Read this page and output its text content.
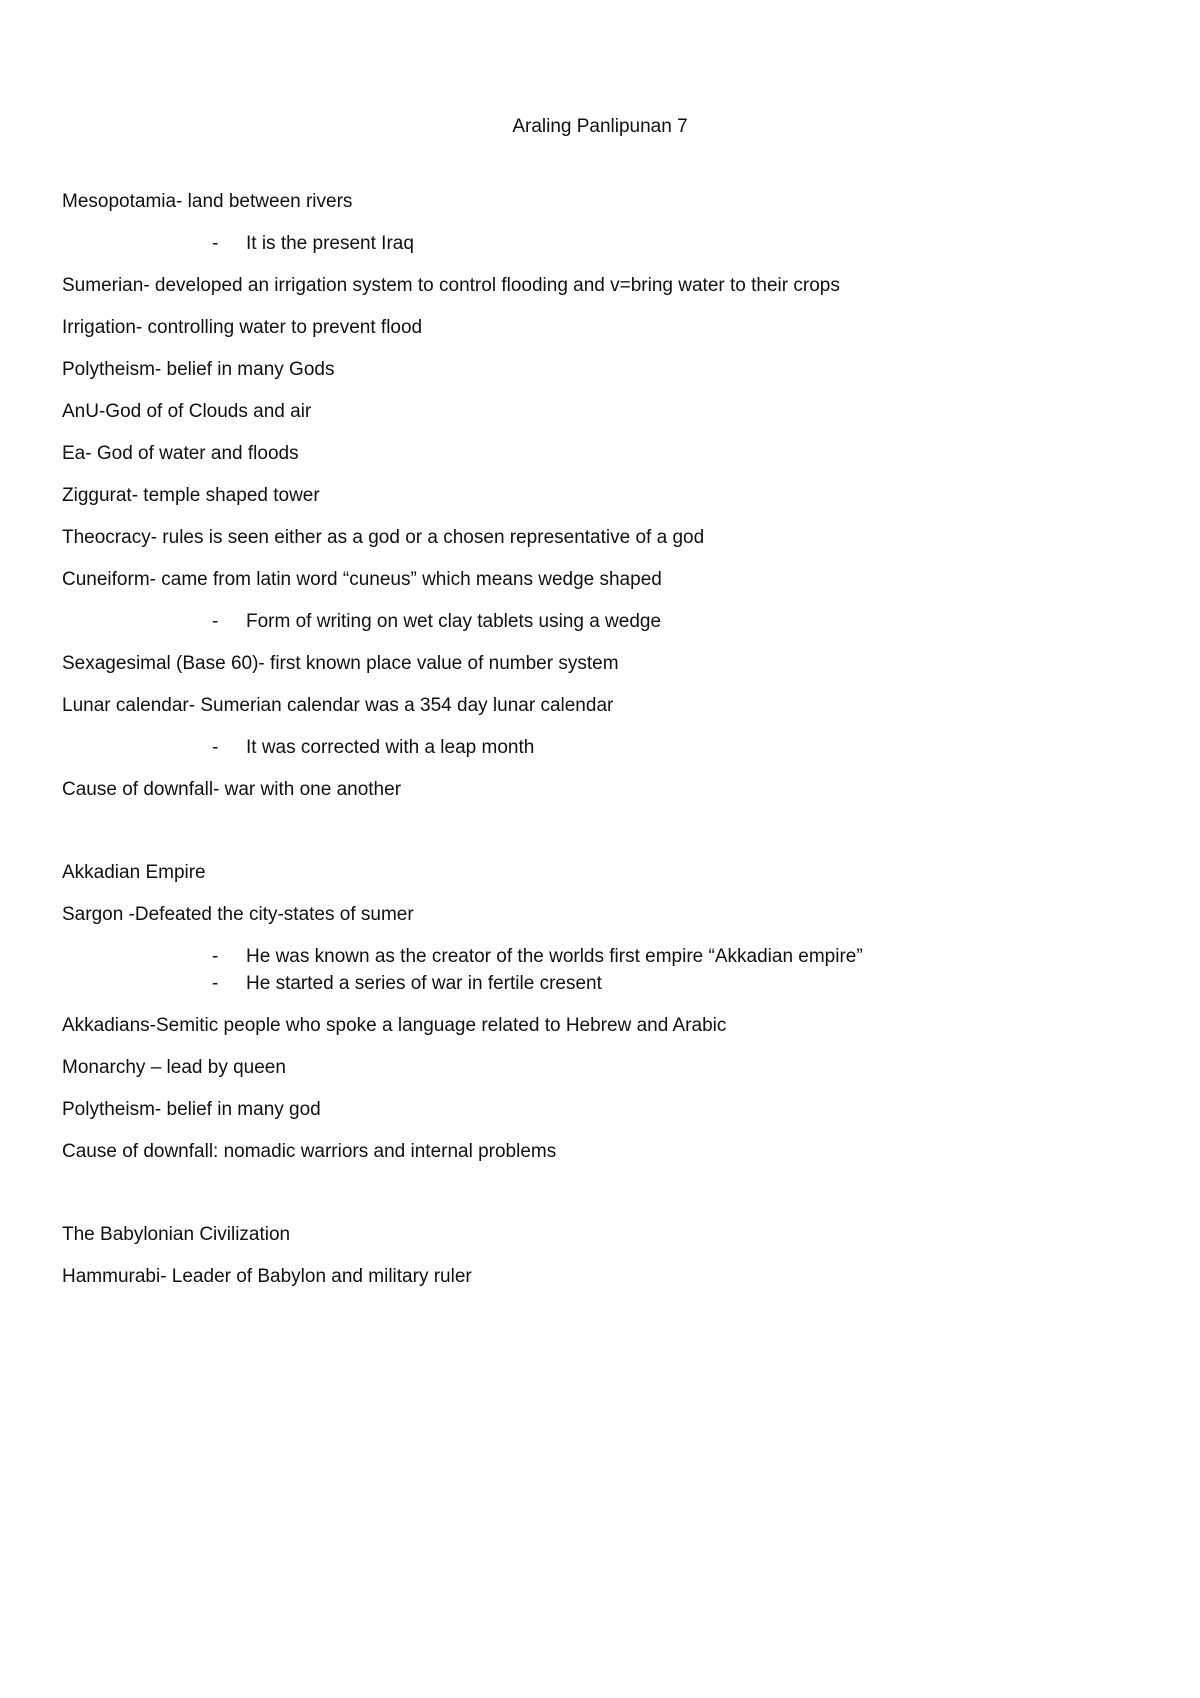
Araling Panlipunan 7
Mesopotamia- land between rivers
- It is the present Iraq
Sumerian- developed an irrigation system to control flooding and v=bring water to their crops
Irrigation- controlling water to prevent flood
Polytheism- belief in many Gods
AnU-God of of Clouds and air
Ea- God of water and floods
Ziggurat- temple shaped tower
Theocracy- rules is seen either as a god or a chosen representative of a god
Cuneiform- came from latin word “cuneus” which means wedge shaped
- Form of writing on wet clay tablets using a wedge
Sexagesimal (Base 60)- first known place value of number system
Lunar calendar- Sumerian calendar was a 354 day lunar calendar
- It was corrected with a leap month
Cause of downfall- war with one another
Akkadian Empire
Sargon -Defeated the city-states of sumer
- He was known as the creator of the worlds first empire “Akkadian empire”
- He started a series of war in fertile cresent
Akkadians-Semitic people who spoke a language related to Hebrew and Arabic
Monarchy – lead by queen
Polytheism- belief in many god
Cause of downfall: nomadic warriors and internal problems
The Babylonian Civilization
Hammurabi- Leader of Babylon and military ruler
